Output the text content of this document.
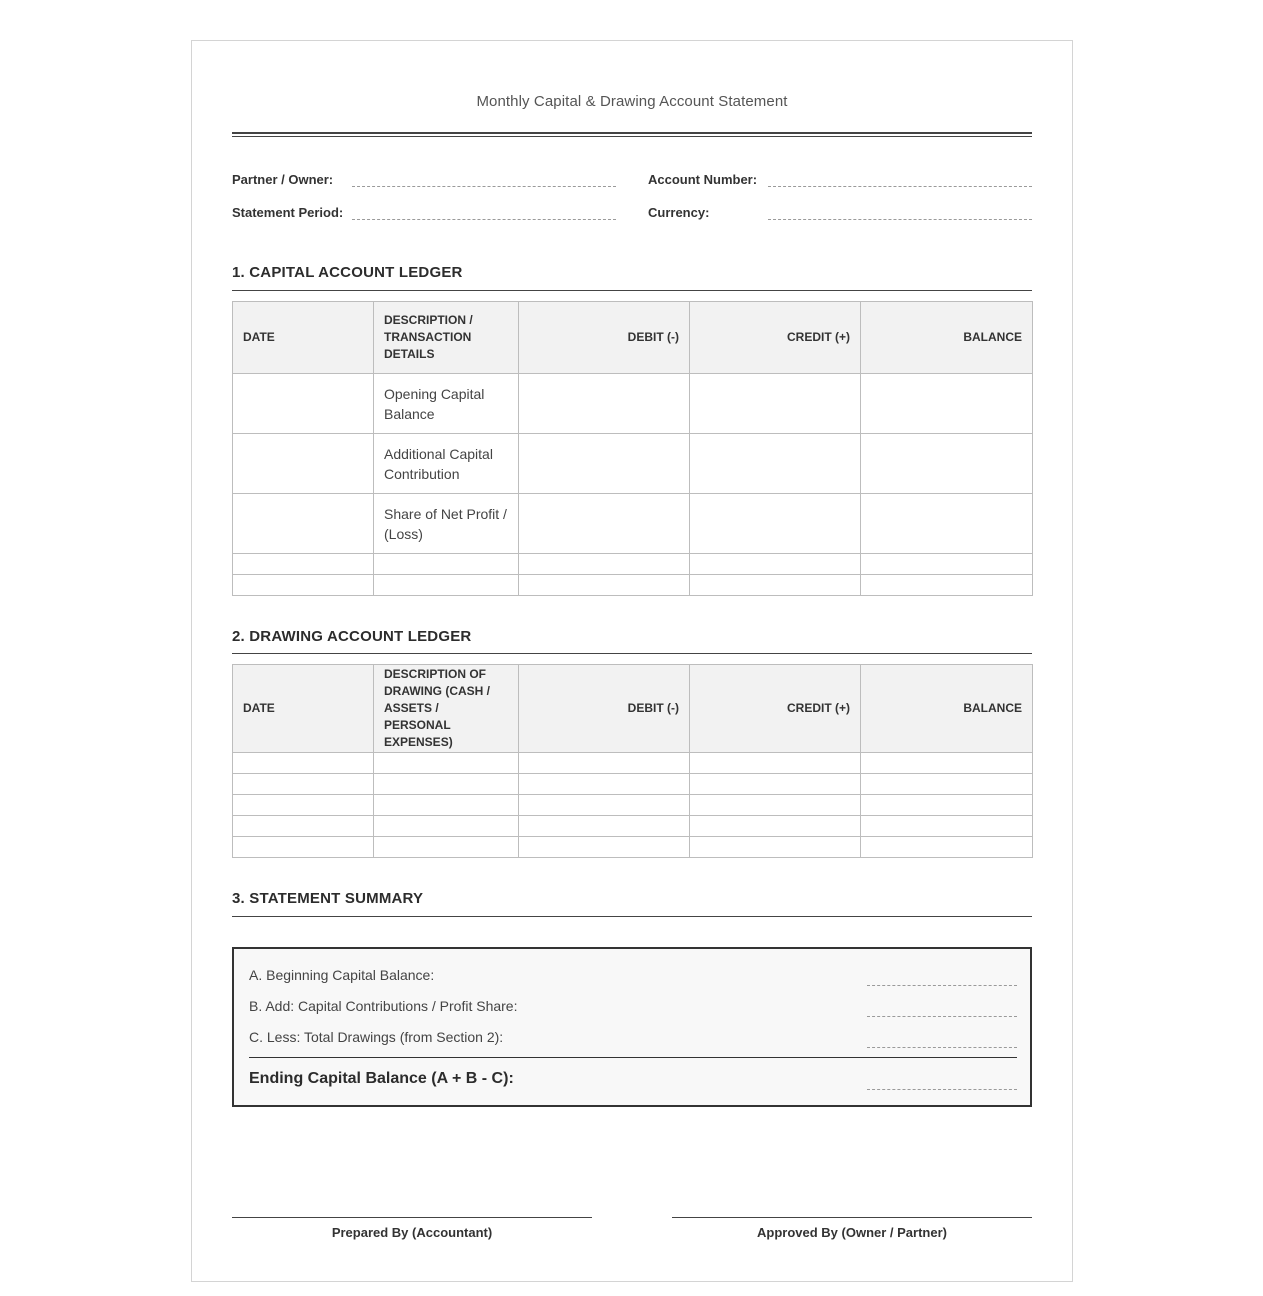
Monthly Capital & Drawing Account Statement
Partner / Owner:	Account Number:
Statement Period:	Currency:
1. CAPITAL ACCOUNT LEDGER
DATE	DESCRIPTION / TRANSACTION DETAILS	DEBIT (-)	CREDIT (+)	BALANCE
	Opening Capital Balance			
	Additional Capital Contribution			
	Share of Net Profit / (Loss)			

2. DRAWING ACCOUNT LEDGER
DATE	DESCRIPTION OF DRAWING (CASH / ASSETS / PERSONAL EXPENSES)	DEBIT (-)	CREDIT (+)	BALANCE

3. STATEMENT SUMMARY
A. Beginning Capital Balance:
B. Add: Capital Contributions / Profit Share:
C. Less: Total Drawings (from Section 2):
Ending Capital Balance (A + B - C):
Prepared By (Accountant)	Approved By (Owner / Partner)
